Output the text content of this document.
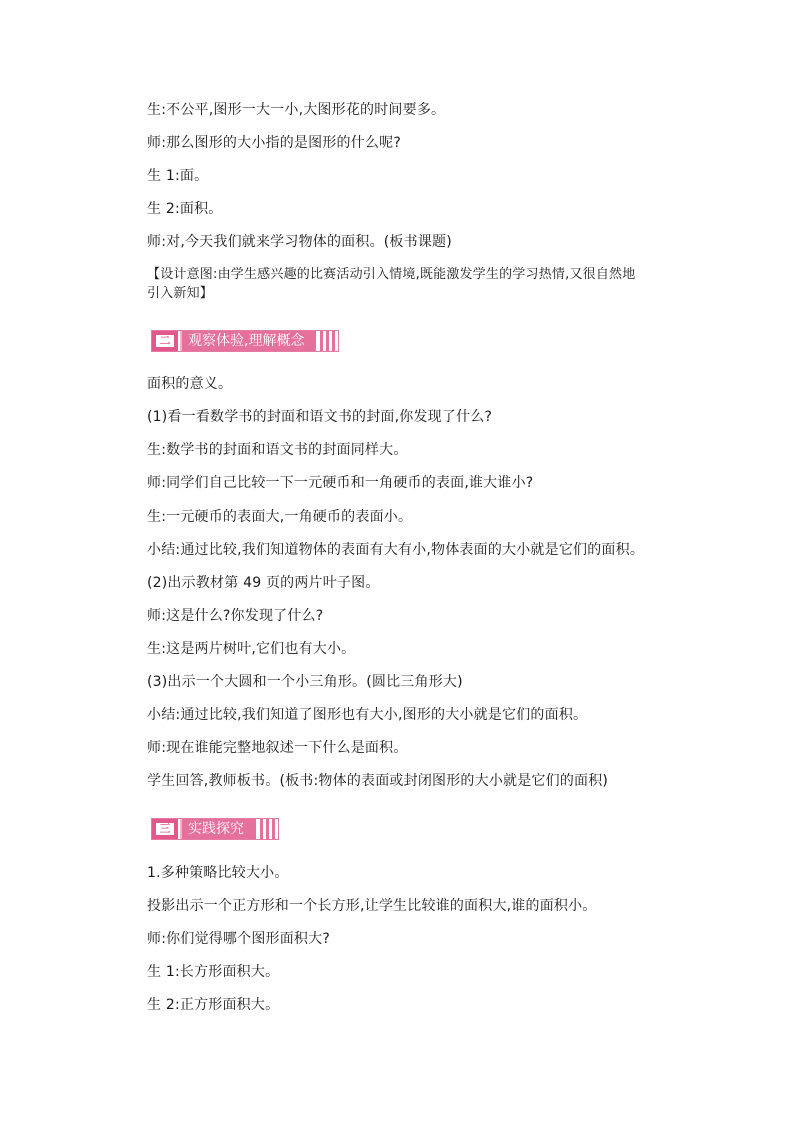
生:不公平,图形一大一小,大图形花的时间要多。
师:那么图形的大小指的是图形的什么呢?
生 1:面。
生 2:面积。
师:对,今天我们就来学习物体的面积。(板书课题)
【设计意图:由学生感兴趣的比赛活动引入情境,既能激发学生的学习热情,又很自然地
引入新知】
二	观察体验,理解概念
面积的意义。
(1)看一看数学书的封面和语文书的封面,你发现了什么?
生:数学书的封面和语文书的封面同样大。
师:同学们自己比较一下一元硬币和一角硬币的表面,谁大谁小?
生:一元硬币的表面大,一角硬币的表面小。
小结:通过比较,我们知道物体的表面有大有小,物体表面的大小就是它们的面积。
(2)出示教材第 49 页的两片叶子图。
师:这是什么?你发现了什么?
生:这是两片树叶,它们也有大小。
(3)出示一个大圆和一个小三角形。(圆比三角形大)
小结:通过比较,我们知道了图形也有大小,图形的大小就是它们的面积。
师:现在谁能完整地叙述一下什么是面积。
学生回答,教师板书。(板书:物体的表面或封闭图形的大小就是它们的面积)
三	实践探究
1.多种策略比较大小。
投影出示一个正方形和一个长方形,让学生比较谁的面积大,谁的面积小。
师:你们觉得哪个图形面积大?
生 1:长方形面积大。
生 2:正方形面积大。
